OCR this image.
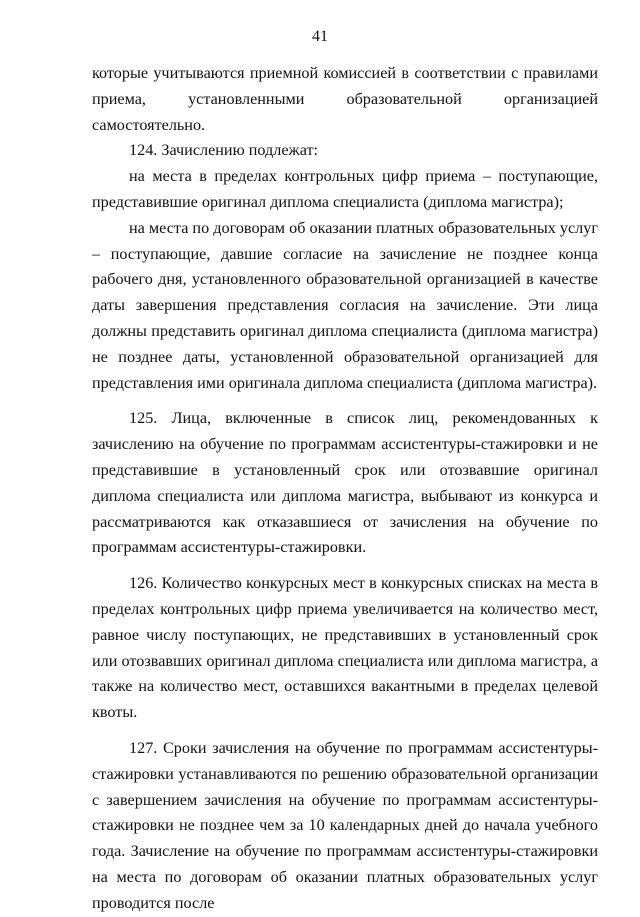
41

которые учитываются приемной комиссией в соответствии с правилами приема, установленными образовательной организацией самостоятельно.

124. Зачислению подлежат:

на места в пределах контрольных цифр приема – поступающие, представившие оригинал диплома специалиста (диплома магистра);

на места по договорам об оказании платных образовательных услуг – поступающие, давшие согласие на зачисление не позднее конца рабочего дня, установленного образовательной организацией в качестве даты завершения представления согласия на зачисление. Эти лица должны представить оригинал диплома специалиста (диплома магистра) не позднее даты, установленной образовательной организацией для представления ими оригинала диплома специалиста (диплома магистра).

125. Лица, включенные в список лиц, рекомендованных к зачислению на обучение по программам ассистентуры-стажировки и не представившие в установленный срок или отозвавшие оригинал диплома специалиста или диплома магистра, выбывают из конкурса и рассматриваются как отказавшиеся от зачисления на обучение по программам ассистентуры-стажировки.

126. Количество конкурсных мест в конкурсных списках на места в пределах контрольных цифр приема увеличивается на количество мест, равное числу поступающих, не представивших в установленный срок или отозвавших оригинал диплома специалиста или диплома магистра, а также на количество мест, оставшихся вакантными в пределах целевой квоты.

127. Сроки зачисления на обучение по программам ассистентуры-стажировки устанавливаются по решению образовательной организации с завершением зачисления на обучение по программам ассистентуры-стажировки не позднее чем за 10 календарных дней до начала учебного года. Зачисление на обучение по программам ассистентуры-стажировки на места по договорам об оказании платных образовательных услуг проводится после
